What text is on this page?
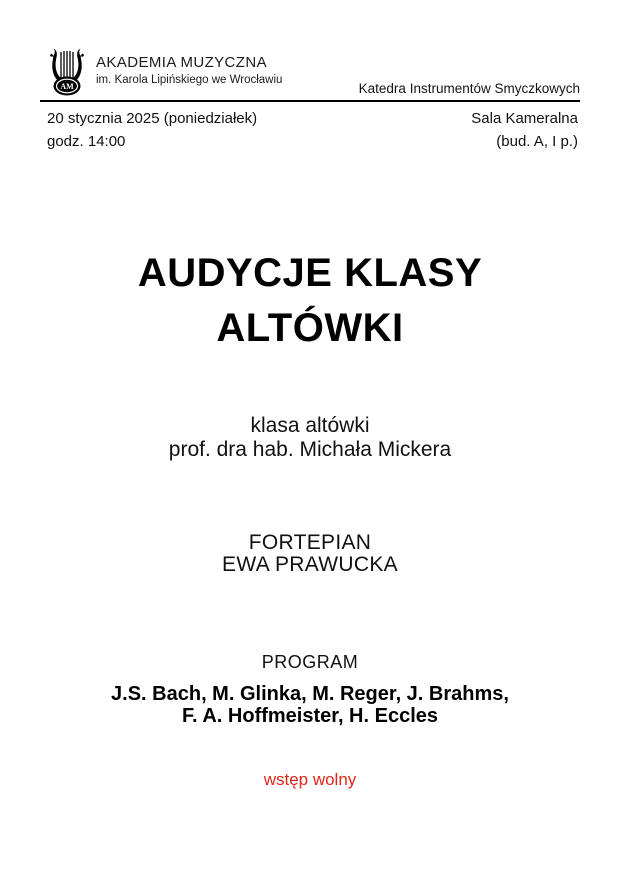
AM
AKADEMIA MUZYCZNA
im. Karola Lipińskiego we Wrocławiu
Katedra Instrumentów Smyczkowych
20 stycznia 2025 (poniedziałek)
godz. 14:00
Sala Kameralna
(bud. A, I p.)
AUDYCJE KLASY
ALTÓWKI
klasa altówki
prof. dra hab. Michała Mickera
FORTEPIAN
EWA PRAWUCKA
PROGRAM
J.S. Bach, M. Glinka, M. Reger, J. Brahms,
F. A. Hoffmeister, H. Eccles
wstęp wolny
